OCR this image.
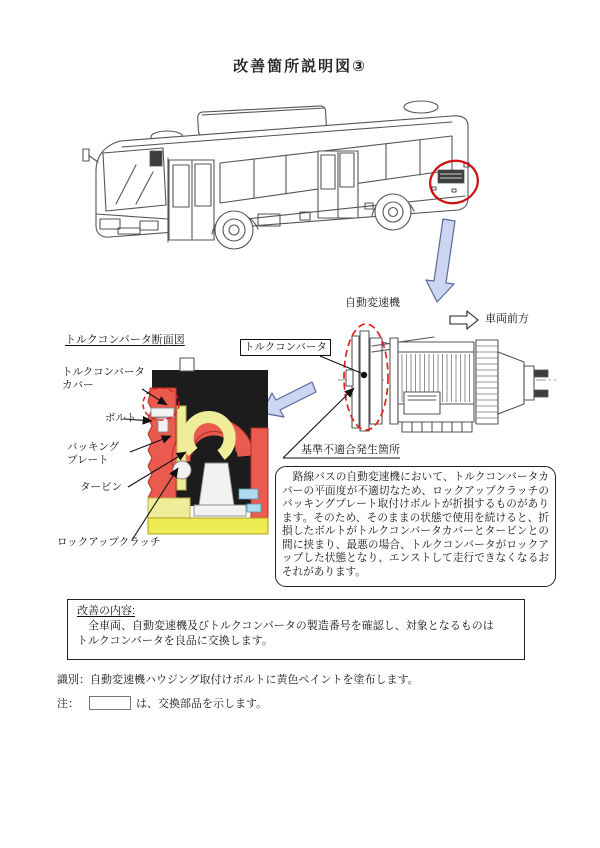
改善箇所説明図③
自動変速機
車両前方
トルクコンバータ
基準不適合発生箇所
トルクコンバータ断面図
トルクコンバータ
カバー
ボルト
バッキング
プレート
タービン
ロックアップクラッチ
　路線バスの自動変速機において、トルクコンバータカバーの平面度が不適切なため、ロックアップクラッチのバッキングプレート取付けボルトが折損するものがあります。そのため、そのままの状態で使用を続けると、折損したボルトがトルクコンバータカバーとタービンとの間に挟まり、最悪の場合、トルクコンバータがロックアップした状態となり、エンストして走行できなくなるおそれがあります。
改善の内容:
　全車両、自動変速機及びトルクコンバータの製造番号を確認し、対象となるものは
トルクコンバータを良品に交換します。
識別：自動変速機ハウジング取付けボルトに黄色ペイントを塗布します。
注：	は、交換部品を示します。
